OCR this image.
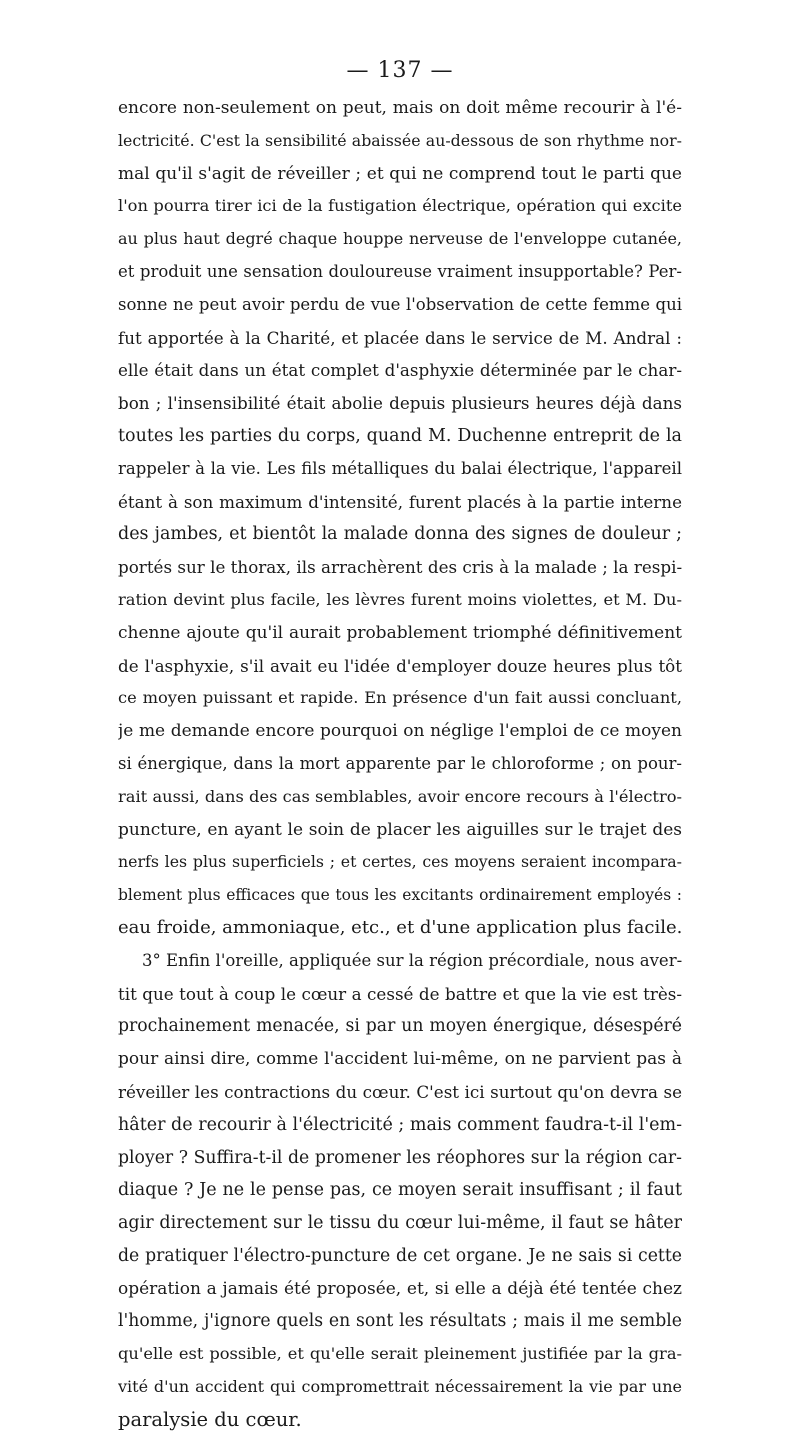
— 137 —
encore non-seulement on peut, mais on doit même recourir à l'é-
lectricité. C'est la sensibilité abaissée au-dessous de son rhythme nor-
mal qu'il s'agit de réveiller ; et qui ne comprend tout le parti que
l'on pourra tirer ici de la fustigation électrique, opération qui excite
au plus haut degré chaque houppe nerveuse de l'enveloppe cutanée,
et produit une sensation douloureuse vraiment insupportable? Per-
sonne ne peut avoir perdu de vue l'observation de cette femme qui
fut apportée à la Charité, et placée dans le service de M. Andral :
elle était dans un état complet d'asphyxie déterminée par le char-
bon ; l'insensibilité était abolie depuis plusieurs heures déjà dans
toutes les parties du corps, quand M. Duchenne entreprit de la
rappeler à la vie. Les fils métalliques du balai électrique, l'appareil
étant à son maximum d'intensité, furent placés à la partie interne
des jambes, et bientôt la malade donna des signes de douleur ;
portés sur le thorax, ils arrachèrent des cris à la malade ; la respi-
ration devint plus facile, les lèvres furent moins violettes, et M. Du-
chenne ajoute qu'il aurait probablement triomphé définitivement
de l'asphyxie, s'il avait eu l'idée d'employer douze heures plus tôt
ce moyen puissant et rapide. En présence d'un fait aussi concluant,
je me demande encore pourquoi on néglige l'emploi de ce moyen
si énergique, dans la mort apparente par le chloroforme ; on pour-
rait aussi, dans des cas semblables, avoir encore recours à l'électro-
puncture, en ayant le soin de placer les aiguilles sur le trajet des
nerfs les plus superficiels ; et certes, ces moyens seraient incompara-
blement plus efficaces que tous les excitants ordinairement employés :
eau froide, ammoniaque, etc., et d'une application plus facile.
3° Enfin l'oreille, appliquée sur la région précordiale, nous aver-
tit que tout à coup le cœur a cessé de battre et que la vie est très-
prochainement menacée, si par un moyen énergique, désespéré
pour ainsi dire, comme l'accident lui-même, on ne parvient pas à
réveiller les contractions du cœur. C'est ici surtout qu'on devra se
hâter de recourir à l'électricité ; mais comment faudra-t-il l'em-
ployer ? Suffira-t-il de promener les réophores sur la région car-
diaque ? Je ne le pense pas, ce moyen serait insuffisant ; il faut
agir directement sur le tissu du cœur lui-même, il faut se hâter
de pratiquer l'électro-puncture de cet organe. Je ne sais si cette
opération a jamais été proposée, et, si elle a déjà été tentée chez
l'homme, j'ignore quels en sont les résultats ; mais il me semble
qu'elle est possible, et qu'elle serait pleinement justifiée par la gra-
vité d'un accident qui compromettrait nécessairement la vie par une
paralysie du cœur.
